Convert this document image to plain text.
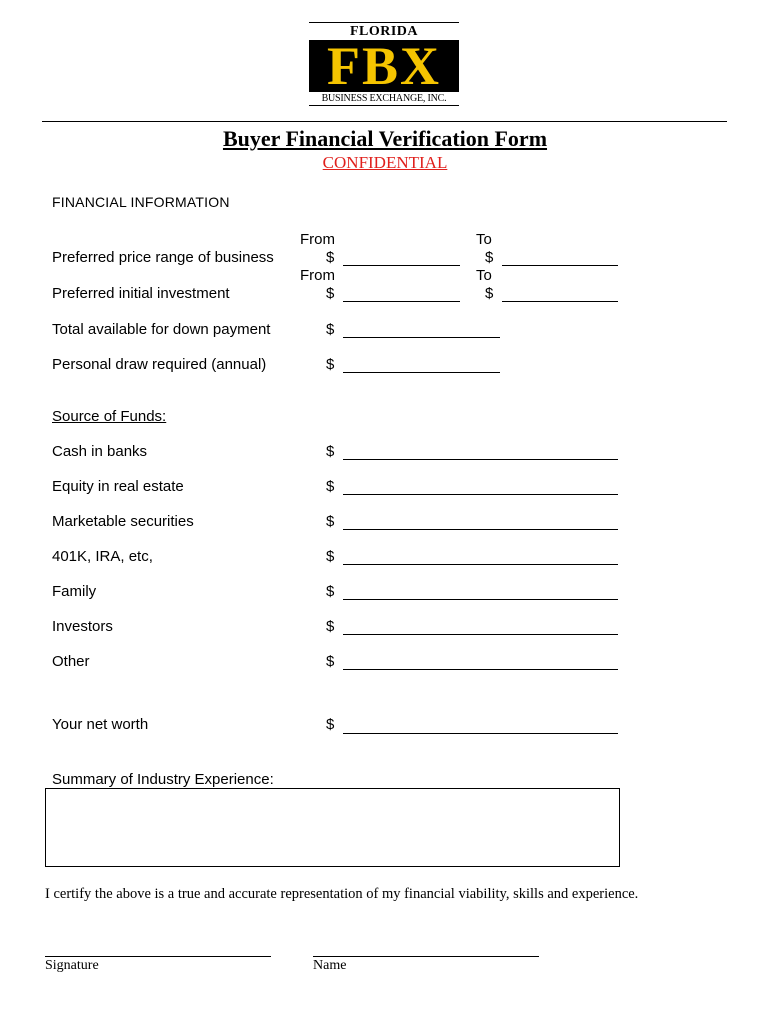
FLORIDA
FBX
BUSINESS EXCHANGE, INC.
Buyer Financial Verification Form
CONFIDENTIAL
FINANCIAL INFORMATION
From	To
Preferred price range of business	$	$
From	To
Preferred initial investment	$	$
Total available for down payment	$
Personal draw required (annual)	$
Source of Funds:
Cash in banks	$
Equity in real estate	$
Marketable securities	$
401K, IRA, etc,	$
Family	$
Investors	$
Other	$
Your net worth	$
Summary of Industry Experience:
I certify the above is a true and accurate representation of my financial viability, skills and experience.
Signature	Name
